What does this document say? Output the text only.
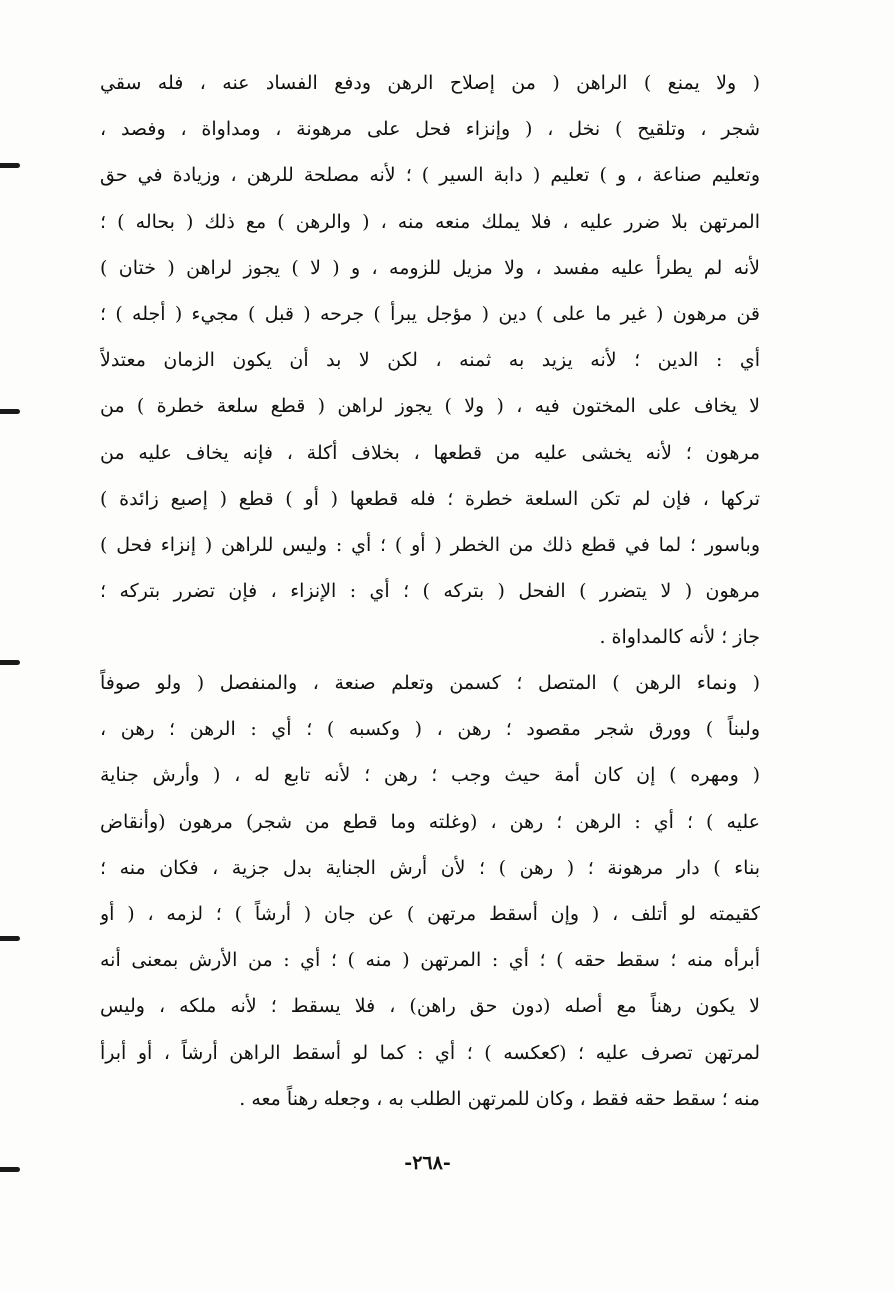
( ولا يمنع ) الراهن ( من إصلاح الرهن ودفع الفساد عنه ، فله سقي
شجر ، وتلقيح ) نخل ، ( وإنزاء فحل على مرهونة ، ومداواة ، وفصد ،
وتعليم صناعة ، و ) تعليم ( دابة السير ) ؛ لأنه مصلحة للرهن ، وزيادة في حق
المرتهن بلا ضرر عليه ، فلا يملك منعه منه ، ( والرهن ) مع ذلك ( بحاله ) ؛
لأنه لم يطرأ عليه مفسد ، ولا مزيل للزومه ، و ( لا ) يجوز لراهن ( ختان )
قن مرهون ( غير ما على ) دين ( مؤجل يبرأ ) جرحه ( قبل ) مجيء ( أجله ) ؛
أي : الدين ؛ لأنه يزيد به ثمنه ، لكن لا بد أن يكون الزمان معتدلاً
لا يخاف على المختون فيه ، ( ولا ) يجوز لراهن ( قطع سلعة خطرة ) من
مرهون ؛ لأنه يخشى عليه من قطعها ، بخلاف أكلة ، فإنه يخاف عليه من
تركها ، فإن لم تكن السلعة خطرة ؛ فله قطعها ( أو ) قطع ( إصبع زائدة )
وباسور ؛ لما في قطع ذلك من الخطر ( أو ) ؛ أي : وليس للراهن ( إنزاء فحل )
مرهون ( لا يتضرر ) الفحل ( بتركه ) ؛ أي : الإنزاء ، فإن تضرر بتركه ؛
جاز ؛ لأنه كالمداواة .
( ونماء الرهن ) المتصل ؛ كسمن وتعلم صنعة ، والمنفصل ( ولو صوفاً
ولبناً ) وورق شجر مقصود ؛ رهن ، ( وكسبه ) ؛ أي : الرهن ؛ رهن ،
( ومهره ) إن كان أمة حيث وجب ؛ رهن ؛ لأنه تابع له ، ( وأرش جناية
عليه ) ؛ أي : الرهن ؛ رهن ، (وغلته وما قطع من شجر) مرهون (وأنقاض
بناء ) دار مرهونة ؛ ( رهن ) ؛ لأن أرش الجناية بدل جزية ، فكان منه ؛
كقيمته لو أتلف ، ( وإن أسقط مرتهن ) عن جان ( أرشاً ) ؛ لزمه ، ( أو
أبرأه منه ؛ سقط حقه ) ؛ أي : المرتهن ( منه ) ؛ أي : من الأرش بمعنى أنه
لا يكون رهناً مع أصله (دون حق راهن) ، فلا يسقط ؛ لأنه ملكه ، وليس
لمرتهن تصرف عليه ؛ (كعكسه ) ؛ أي : كما لو أسقط الراهن أرشاً ، أو أبرأ
منه ؛ سقط حقه فقط ، وكان للمرتهن الطلب به ، وجعله رهناً معه .
-٢٦٨-
